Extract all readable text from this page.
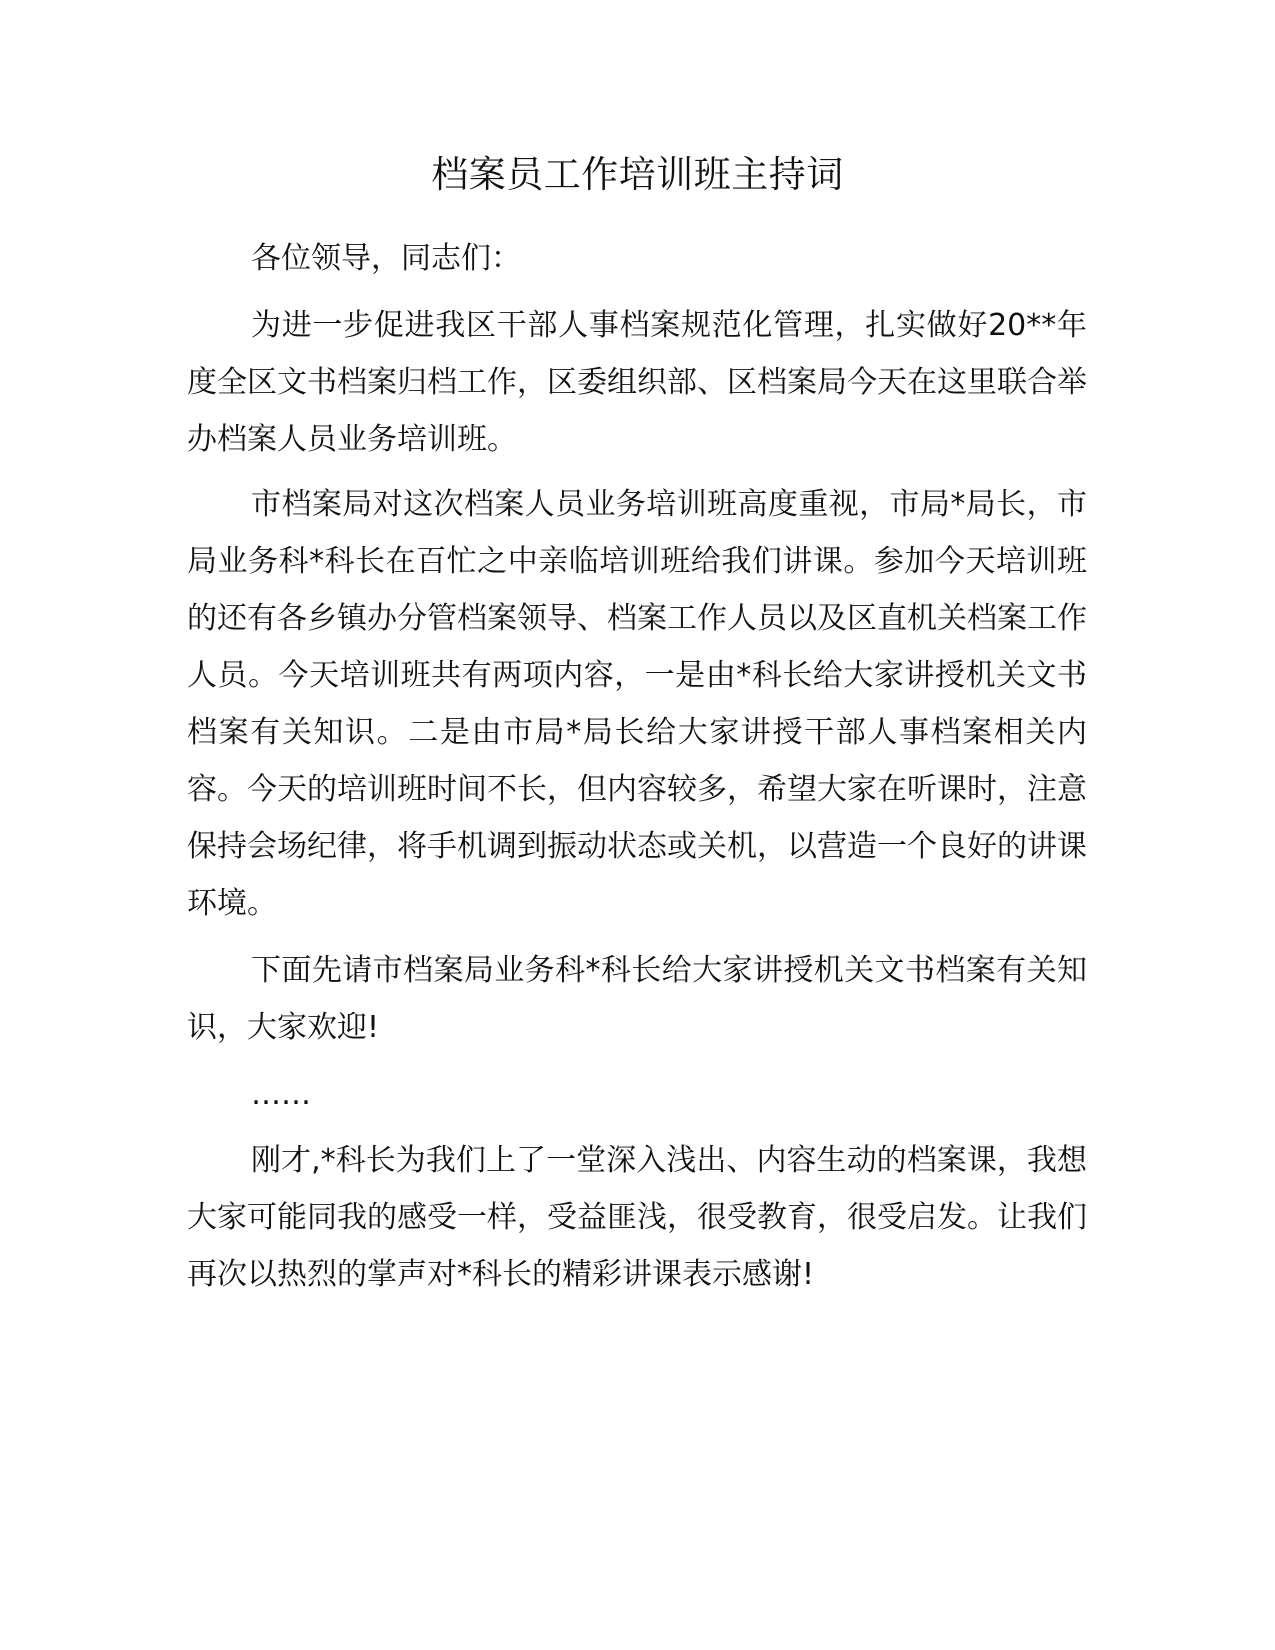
档案员工作培训班主持词

各位领导，同志们：

为进一步促进我区干部人事档案规范化管理，扎实做好20**年度全区文书档案归档工作，区委组织部、区档案局今天在这里联合举办档案人员业务培训班。

市档案局对这次档案人员业务培训班高度重视，市局*局长，市局业务科*科长在百忙之中亲临培训班给我们讲课。参加今天培训班的还有各乡镇办分管档案领导、档案工作人员以及区直机关档案工作人员。今天培训班共有两项内容，一是由*科长给大家讲授机关文书档案有关知识。二是由市局*局长给大家讲授干部人事档案相关内容。今天的培训班时间不长，但内容较多，希望大家在听课时，注意保持会场纪律，将手机调到振动状态或关机，以营造一个良好的讲课环境。

下面先请市档案局业务科*科长给大家讲授机关文书档案有关知识，大家欢迎!

……

刚才,*科长为我们上了一堂深入浅出、内容生动的档案课，我想大家可能同我的感受一样，受益匪浅，很受教育，很受启发。让我们再次以热烈的掌声对*科长的精彩讲课表示感谢!
